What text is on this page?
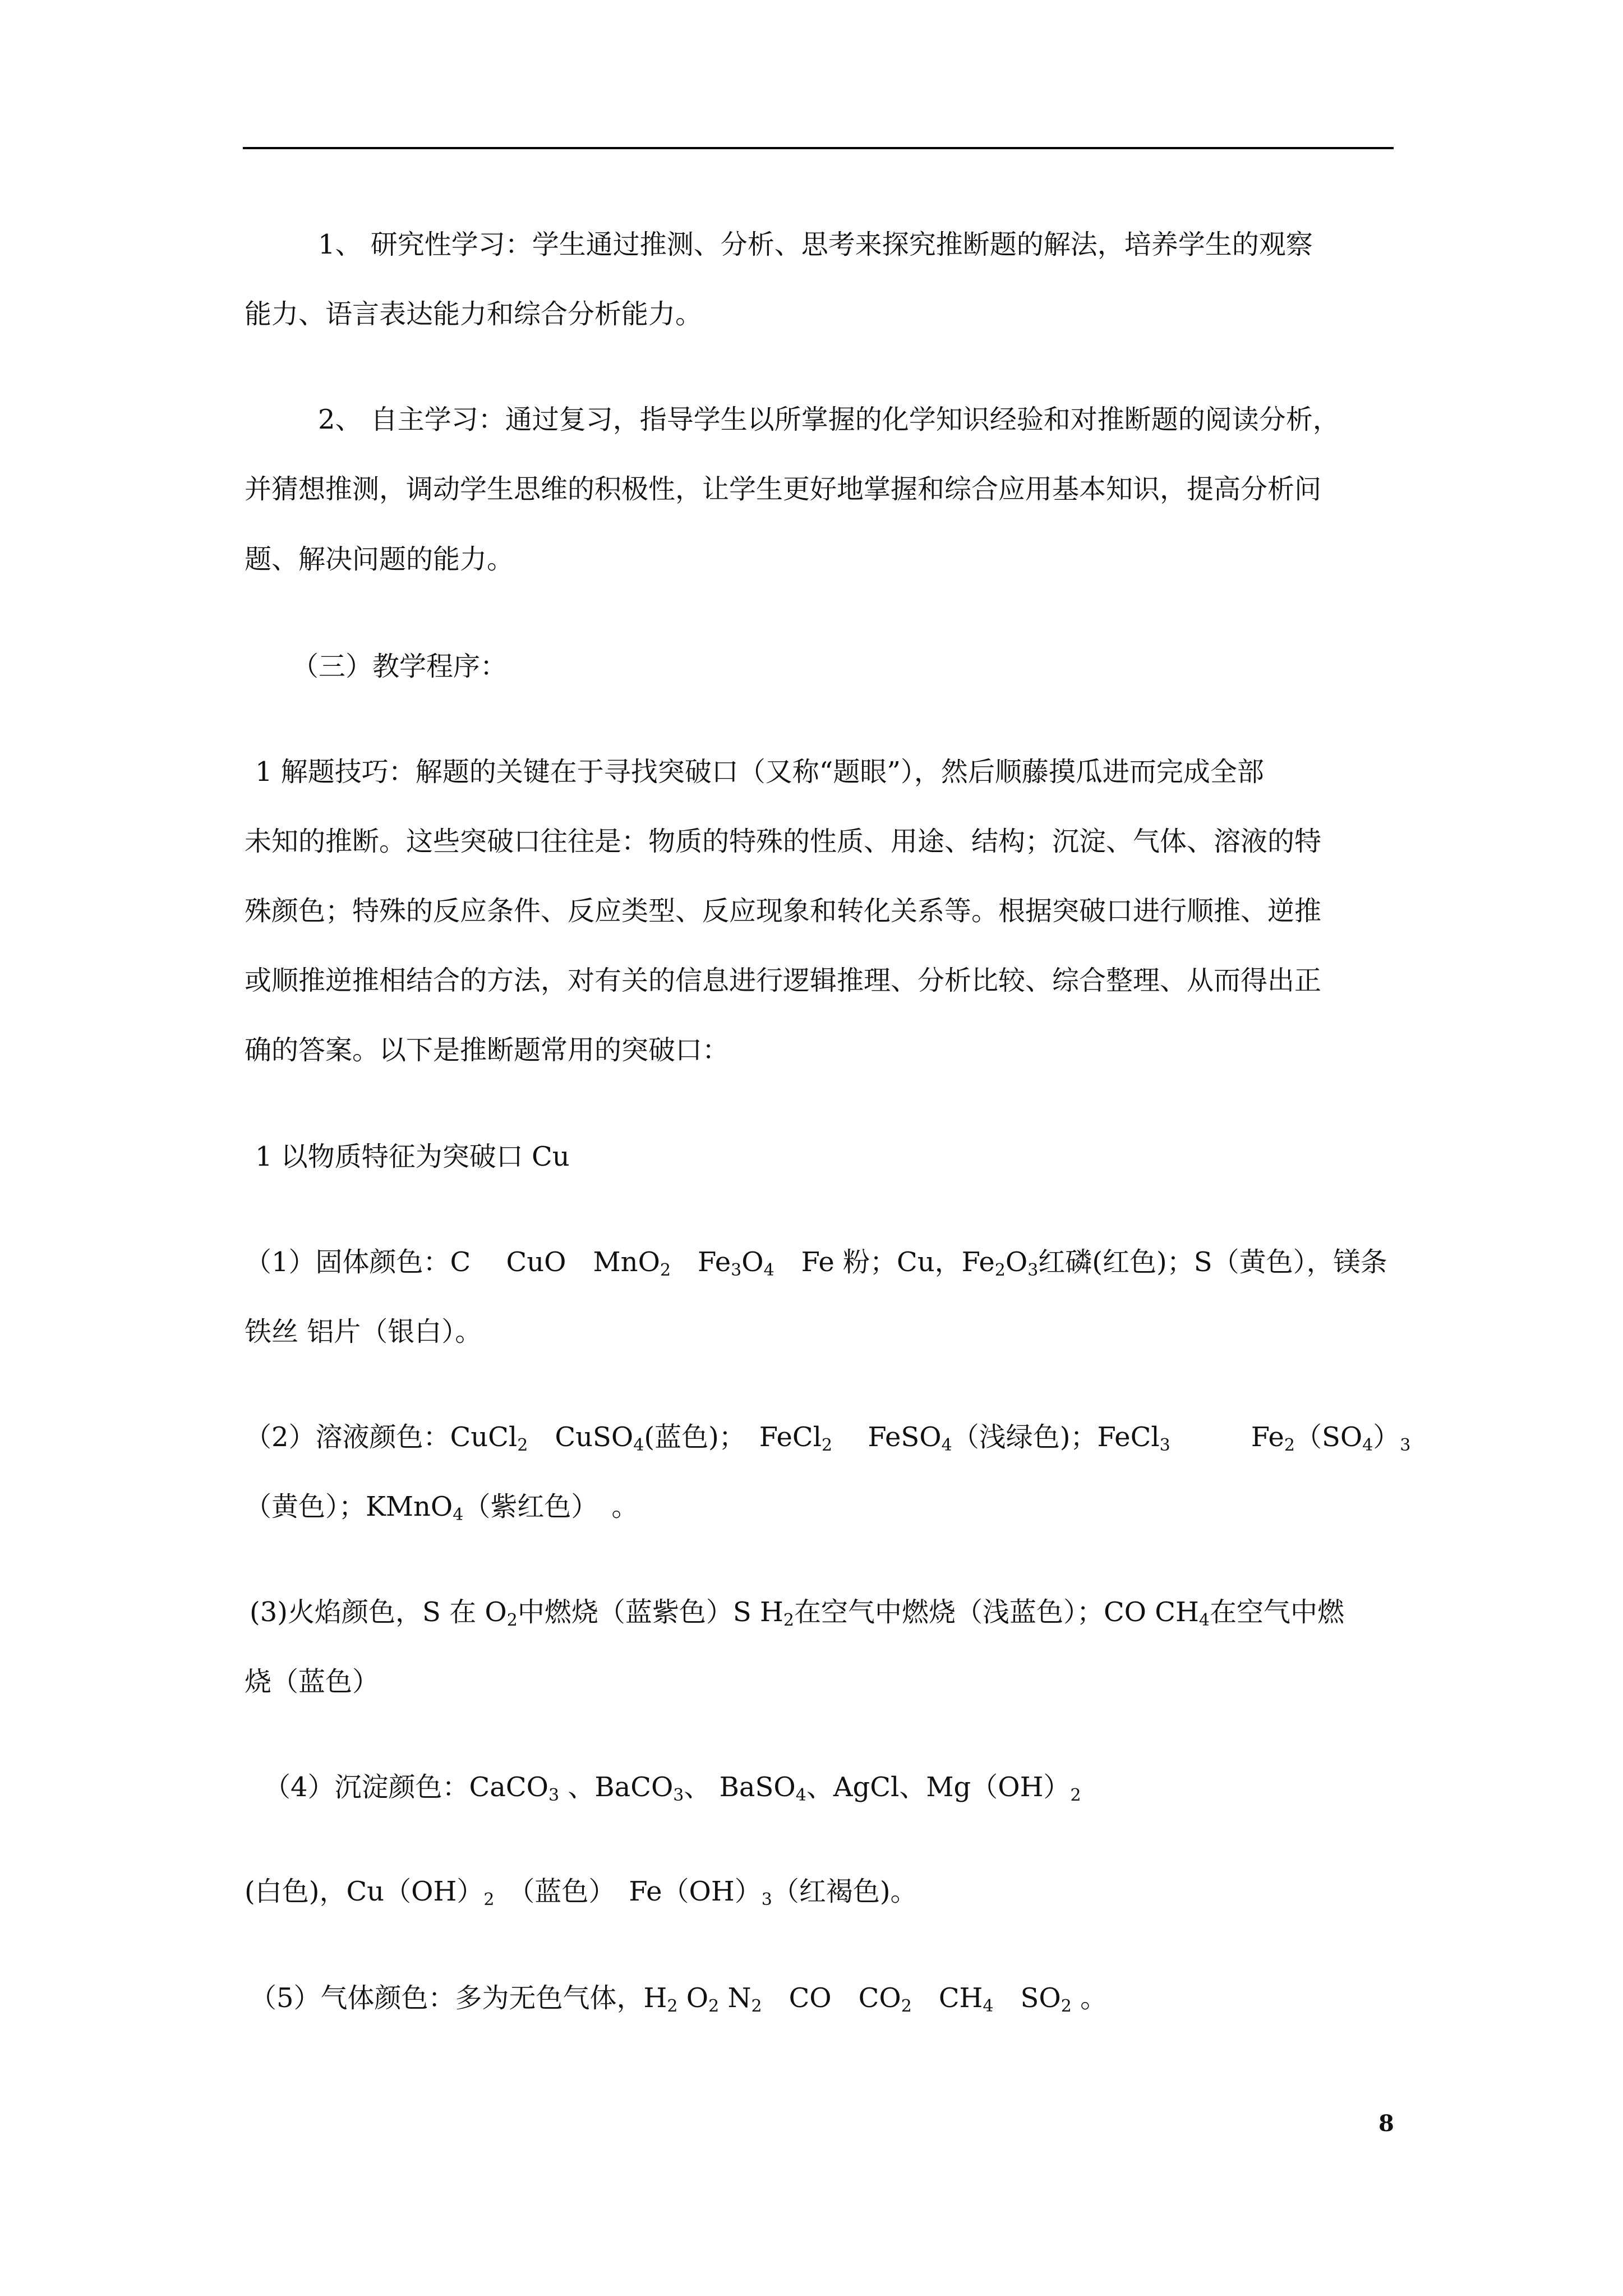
1、 研究性学习：学生通过推测、分析、思考来探究推断题的解法，培养学生的观察
能力、语言表达能力和综合分析能力。
2、 自主学习：通过复习，指导学生以所掌握的化学知识经验和对推断题的阅读分析，
并猜想推测，调动学生思维的积极性，让学生更好地掌握和综合应用基本知识，提高分析问
题、解决问题的能力。
（三）教学程序：
1 解题技巧：解题的关键在于寻找突破口（又称“题眼”），然后顺藤摸瓜进而完成全部
未知的推断。这些突破口往往是：物质的特殊的性质、用途、结构；沉淀、气体、溶液的特
殊颜色；特殊的反应条件、反应类型、反应现象和转化关系等。根据突破口进行顺推、逆推
或顺推逆推相结合的方法，对有关的信息进行逻辑推理、分析比较、综合整理、从而得出正
确的答案。以下是推断题常用的突破口：
1 以物质特征为突破口 Cu
（1）固体颜色：C　 CuO　MnO$_2$　$Fe_3O_4$　Fe 粉；Cu，$Fe_2O_3$红磷(红色)；S（黄色），镁条
铁丝 铝片（银白）。
（2）溶液颜色：CuCl$_2$　CuSO$_4$(蓝色)；　FeCl$_2$　 FeSO$_4$（浅绿色)；FeCl$_3$　　　$Fe_2(SO_4)_3$
（黄色）；KMnO$_4$（紫红色）　。
(3)火焰颜色，S 在 $O_2$中燃烧（蓝紫色）S $H_2$在空气中燃烧（浅蓝色）；CO $CH_4$在空气中燃
烧（蓝色）
（4）沉淀颜色：CaCO$_3$ 、BaCO$_3$、 BaSO$_4$、AgCl、$Mg(OH)_2$
(白色)，$Cu(OH)_2$　（蓝色）　$Fe(OH)_3$（红褐色)。
（5）气体颜色：多为无色气体，$H_2$ $O_2$ $N_2$　CO　$CO_2$　$CH_4$　$SO_2$ 。
8
